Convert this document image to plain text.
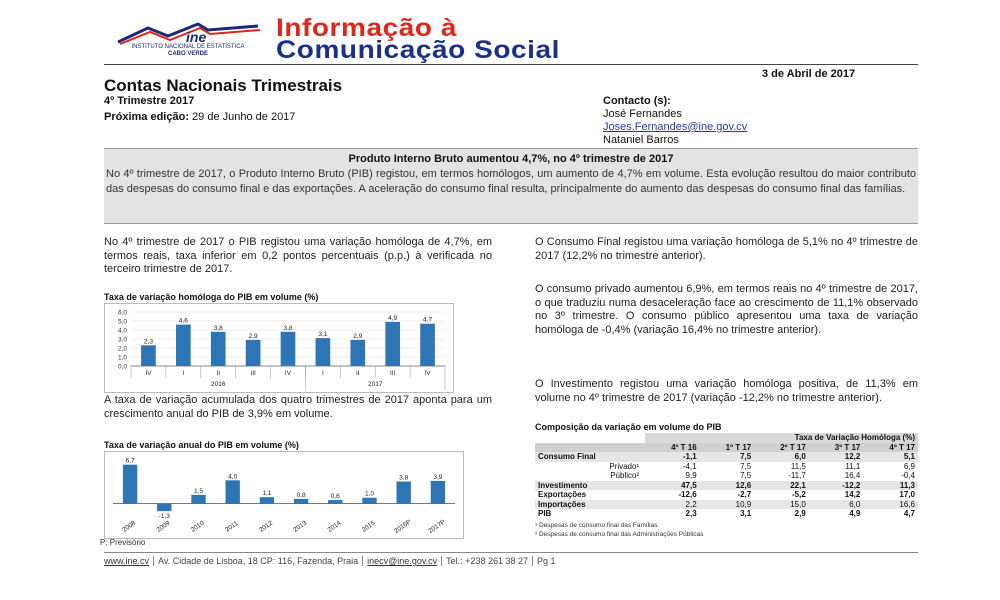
ine
INSTITUTO NACIONAL DE ESTATÍSTICA
CABO VERDE
Informação à
Comunicação Social
3 de Abril de 2017
Contas Nacionais Trimestrais
4º Trimestre 2017
Próxima edição: 29 de Junho de 2017
Contacto (s):
José Fernandes
Joses.Fernandes@ine.gov.cv
Nataniel Barros
Produto Interno Bruto aumentou 4,7%, no 4º trimestre de 2017

No 4º trimestre de 2017, o Produto Interno Bruto (PIB) registou, em termos homólogos, um aumento de 4,7% em volume. Esta evolução resultou do maior contributo das despesas do consumo final e das exportações. A aceleração do consumo final resulta, principalmente do aumento das despesas do consumo final das famílias.

No 4º trimestre de 2017 o PIB registou uma variação homóloga de 4,7%, em termos reais, taxa inferior em 0,2 pontos percentuais (p.p.) à verificada no terceiro trimestre de 2017.
Taxa de variação homóloga do PIB em volume (%)
0,0
1,0
2,0
3,0
4,0
5,0
6,0
2,3
IV
4,6
I
3,8
II
2,9
III
3,8
IV
3,1
I
2,9
II
4,9
III
4,7
IV
2016	2017
A taxa de variação acumulada dos quatro trimestres de 2017 aponta para um crescimento anual do PIB de 3,9% em volume.
Taxa de variação anual do PIB em volume (%)
6,7
2008
-1,3
2009
1,5
2010
4,0
2011
1,1
2012
0,8
2013
0,6
2014
1,0
2015
3,8
2016P
3,9
2017P
P: Previsório
O Consumo Final registou uma variação homóloga de 5,1% no 4º trimestre de 2017 (12,2% no trimestre anterior).
O consumo privado aumentou 6,9%, em termos reais no 4º trimestre de 2017, o que traduziu numa desaceleração face ao crescimento de 11,1% observado no 3º trimestre. O consumo público apresentou uma taxa de variação homóloga de -0,4% (variação 16,4% no trimestre anterior).
O Investimento registou uma variação homóloga positiva, de 11,3% em volume no 4º trimestre de 2017 (variação -12,2% no trimestre anterior).
Composição da variação em volume do PIB
	Taxa de Variação Homóloga (%)				
	4º T 16	1º T 17	2º T 17	3º T 17	4º T 17
Consumo Final	-1,1	7,5	6,0	12,2	5,1
Privado¹	-4,1	7,5	11,5	11,1	6,9
Público²	9,9	7,5	-11,7	16,4	-0,4
Investimento	47,5	12,6	22,1	-12,2	11,3
Exportações	-12,6	-2,7	-5,2	14,2	17,0
Importações	2,2	10,9	15,0	6,0	16,6
PIB	2,3	3,1	2,9	4,9	4,7
¹ Despesas de consumo final das Famílias
² Despesas de consumo final das Administrações Públicas
www.ine.cv	Av. Cidade de Lisboa, 18 CP: 116, Fazenda, Praia	inecv@ine.gov.cv	Tel.: +238 261 38 27	Pg 1
